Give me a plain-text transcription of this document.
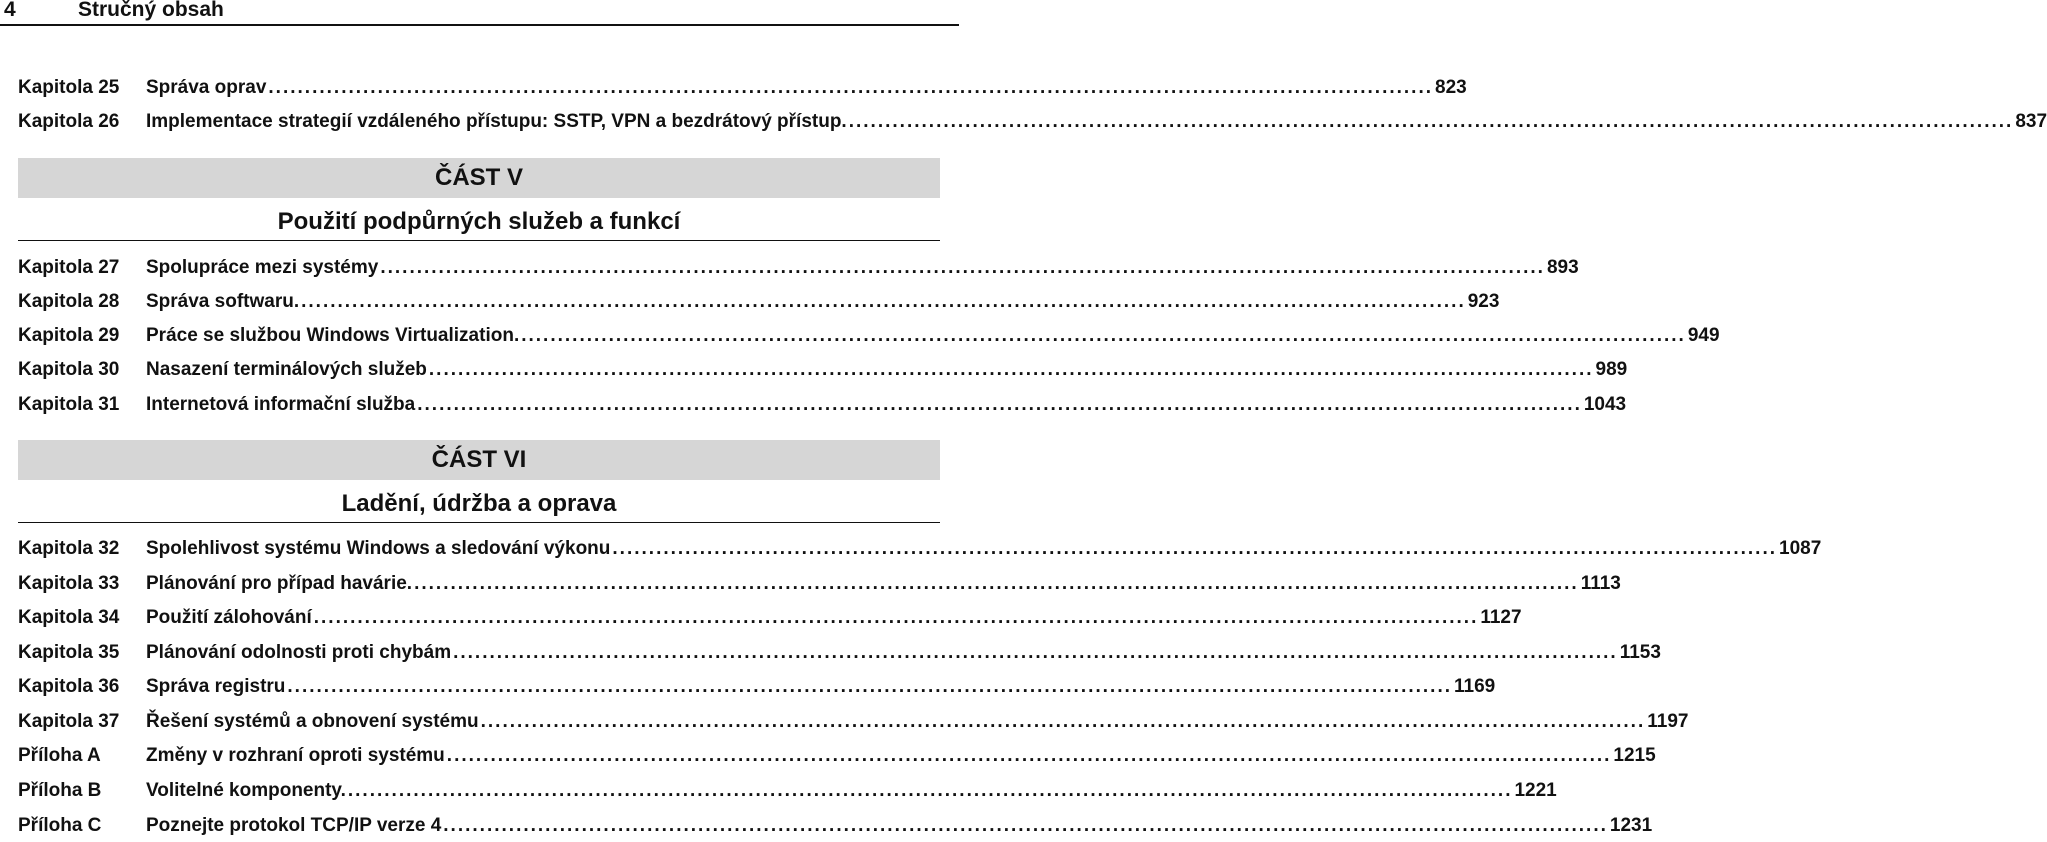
4	Stručný obsah
Kapitola 25	Správa oprav .....	823
Kapitola 26	Implementace strategií vzdáleného přístupu: SSTP, VPN a bezdrátový přístup. .....	837
ČÁST V
Použití podpůrných služeb a funkcí
Kapitola 27	Spolupráce mezi systémy .....	893
Kapitola 28	Správa softwaru. .....	923
Kapitola 29	Práce se službou Windows Virtualization. .....	949
Kapitola 30	Nasazení terminálových služeb .....	989
Kapitola 31	Internetová informační služba .....	1043
ČÁST VI
Ladění, údržba a oprava
Kapitola 32	Spolehlivost systému Windows a sledování výkonu .....	1087
Kapitola 33	Plánování pro případ havárie. .....	1113
Kapitola 34	Použití zálohování .....	1127
Kapitola 35	Plánování odolnosti proti chybám .....	1153
Kapitola 36	Správa registru .....	1169
Kapitola 37	Řešení systémů a obnovení systému .....	1197
Příloha A	Změny v rozhraní oproti systému .....	1215
Příloha B	Volitelné komponenty. .....	1221
Příloha C	Poznejte protokol TCP/IP verze 4 .....	1231
